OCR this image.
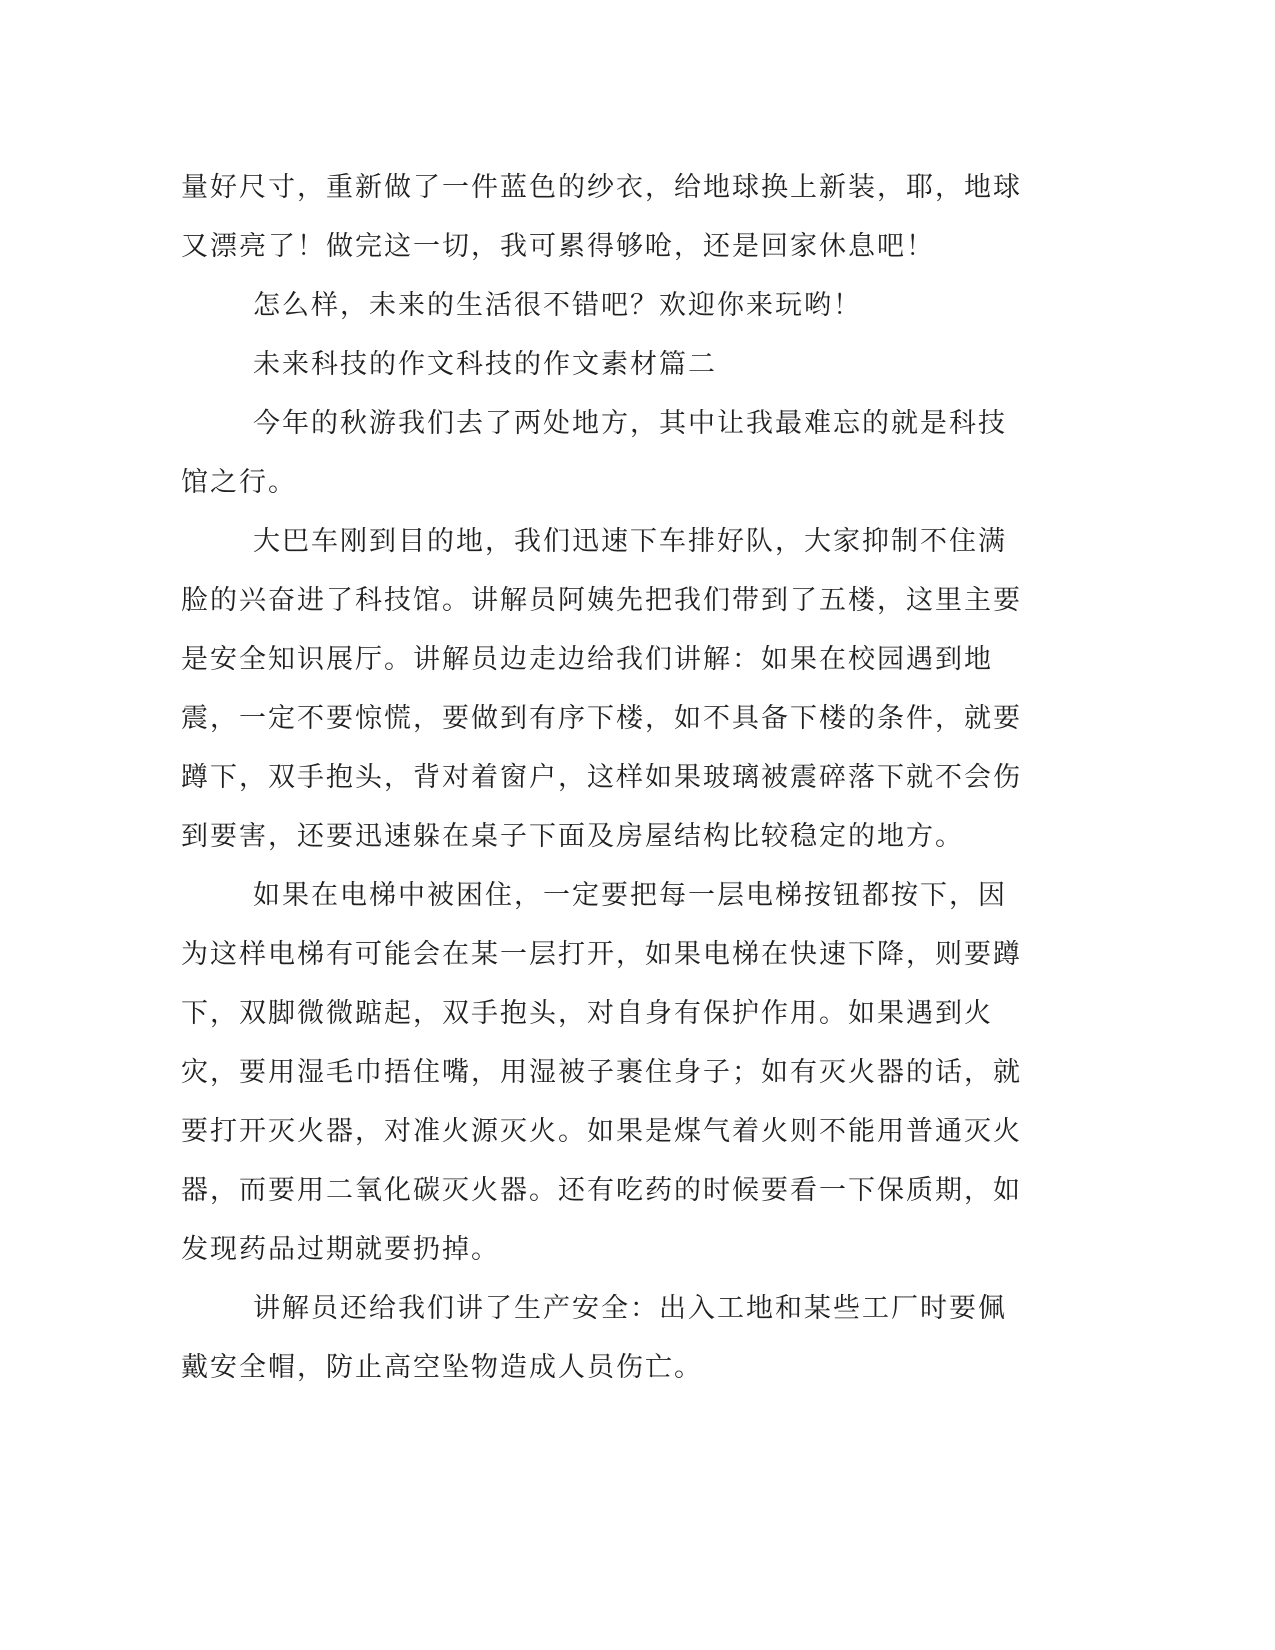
量好尺寸，重新做了一件蓝色的纱衣，给地球换上新装，耶，地球又漂亮了！做完这一切，我可累得够呛，还是回家休息吧！

怎么样，未来的生活很不错吧？欢迎你来玩哟！

未来科技的作文科技的作文素材篇二

今年的秋游我们去了两处地方，其中让我最难忘的就是科技馆之行。

大巴车刚到目的地，我们迅速下车排好队，大家抑制不住满脸的兴奋进了科技馆。讲解员阿姨先把我们带到了五楼，这里主要是安全知识展厅。讲解员边走边给我们讲解：如果在校园遇到地震，一定不要惊慌，要做到有序下楼，如不具备下楼的条件，就要蹲下，双手抱头，背对着窗户，这样如果玻璃被震碎落下就不会伤到要害，还要迅速躲在桌子下面及房屋结构比较稳定的地方。

如果在电梯中被困住，一定要把每一层电梯按钮都按下，因为这样电梯有可能会在某一层打开，如果电梯在快速下降，则要蹲下，双脚微微踮起，双手抱头，对自身有保护作用。如果遇到火灾，要用湿毛巾捂住嘴，用湿被子裹住身子；如有灭火器的话，就要打开灭火器，对准火源灭火。如果是煤气着火则不能用普通灭火器，而要用二氧化碳灭火器。还有吃药的时候要看一下保质期，如发现药品过期就要扔掉。

讲解员还给我们讲了生产安全：出入工地和某些工厂时要佩戴安全帽，防止高空坠物造成人员伤亡。
